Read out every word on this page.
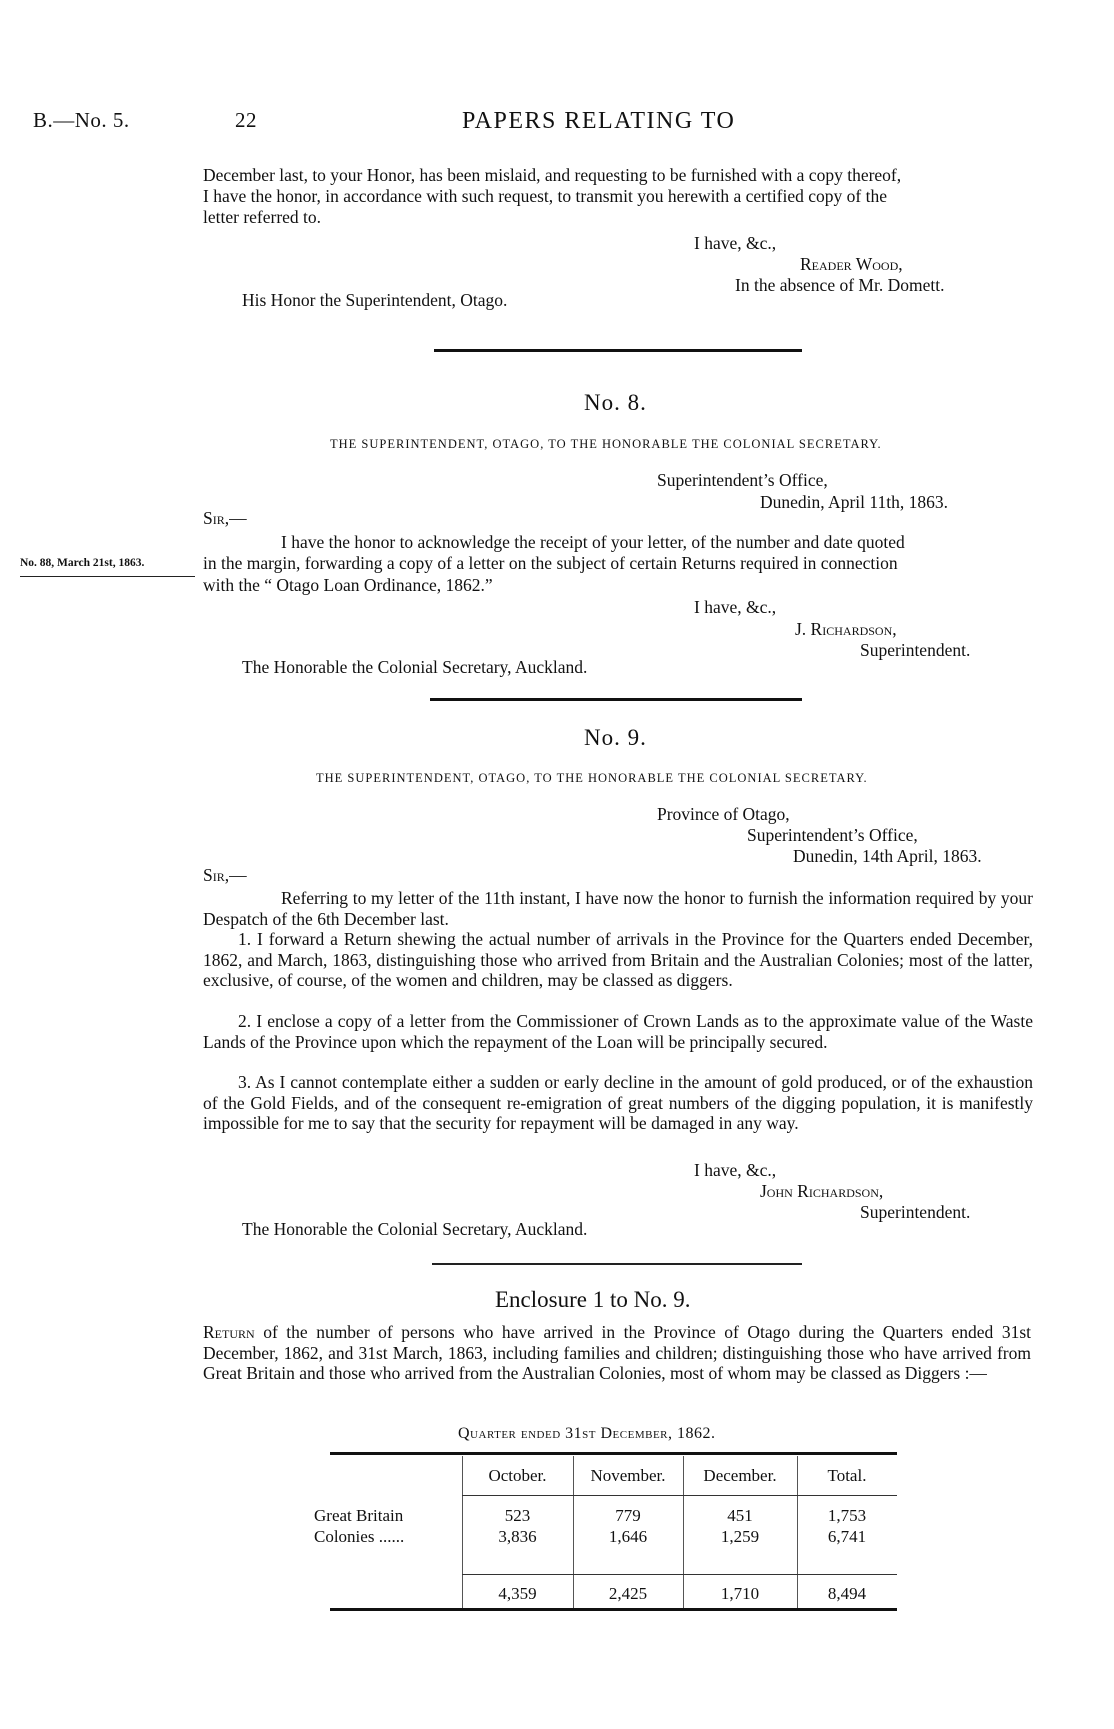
B.—No. 5.	22	PAPERS RELATING TO
December last, to your Honor, has been mislaid, and requesting to be furnished with a copy thereof,
I have the honor, in accordance with such request, to transmit you herewith a certified copy of the
letter referred to.
I have, &c.,
Reader Wood,
In the absence of Mr. Domett.
His Honor the Superintendent, Otago.
No. 8.
THE SUPERINTENDENT, OTAGO, TO THE HONORABLE THE COLONIAL SECRETARY.
Superintendent’s Office,
Dunedin, April 11th, 1863.
Sir,—
I have the honor to acknowledge the receipt of your letter, of the number and date quoted
No. 88, March 21st, 1863.	in the margin, forwarding a copy of a letter on the subject of certain Returns required in connection
with the “ Otago Loan Ordinance, 1862.”
I have, &c.,
J. Richardson,
Superintendent.
The Honorable the Colonial Secretary, Auckland.
No. 9.
THE SUPERINTENDENT, OTAGO, TO THE HONORABLE THE COLONIAL SECRETARY.
Province of Otago,
Superintendent’s Office,
Dunedin, 14th April, 1863.
Sir,—
Referring to my letter of the 11th instant, I have now the honor to furnish the information required by your Despatch of the 6th December last.
1. I forward a Return shewing the actual number of arrivals in the Province for the Quarters ended December, 1862, and March, 1863, distinguishing those who arrived from Britain and the Australian Colonies; most of the latter, exclusive, of course, of the women and children, may be classed as diggers.
2. I enclose a copy of a letter from the Commissioner of Crown Lands as to the approximate value of the Waste Lands of the Province upon which the repayment of the Loan will be principally secured.
3. As I cannot contemplate either a sudden or early decline in the amount of gold produced, or of the exhaustion of the Gold Fields, and of the consequent re-emigration of great numbers of the digging population, it is manifestly impossible for me to say that the security for repayment will be damaged in any way.
I have, &c.,
John Richardson,
Superintendent.
The Honorable the Colonial Secretary, Auckland.
Enclosure 1 to No. 9.
Return of the number of persons who have arrived in the Province of Otago during the Quarters ended 31st December, 1862, and 31st March, 1863, including families and children; distinguishing those who have arrived from Great Britain and those who arrived from the Australian Colonies, most of whom may be classed as Diggers :—
Quarter ended 31st December, 1862.
October.	November.	December.	Total.
Great Britain	523	779	451	1,753
Colonies ......	3,836	1,646	1,259	6,741
4,359	2,425	1,710	8,494
